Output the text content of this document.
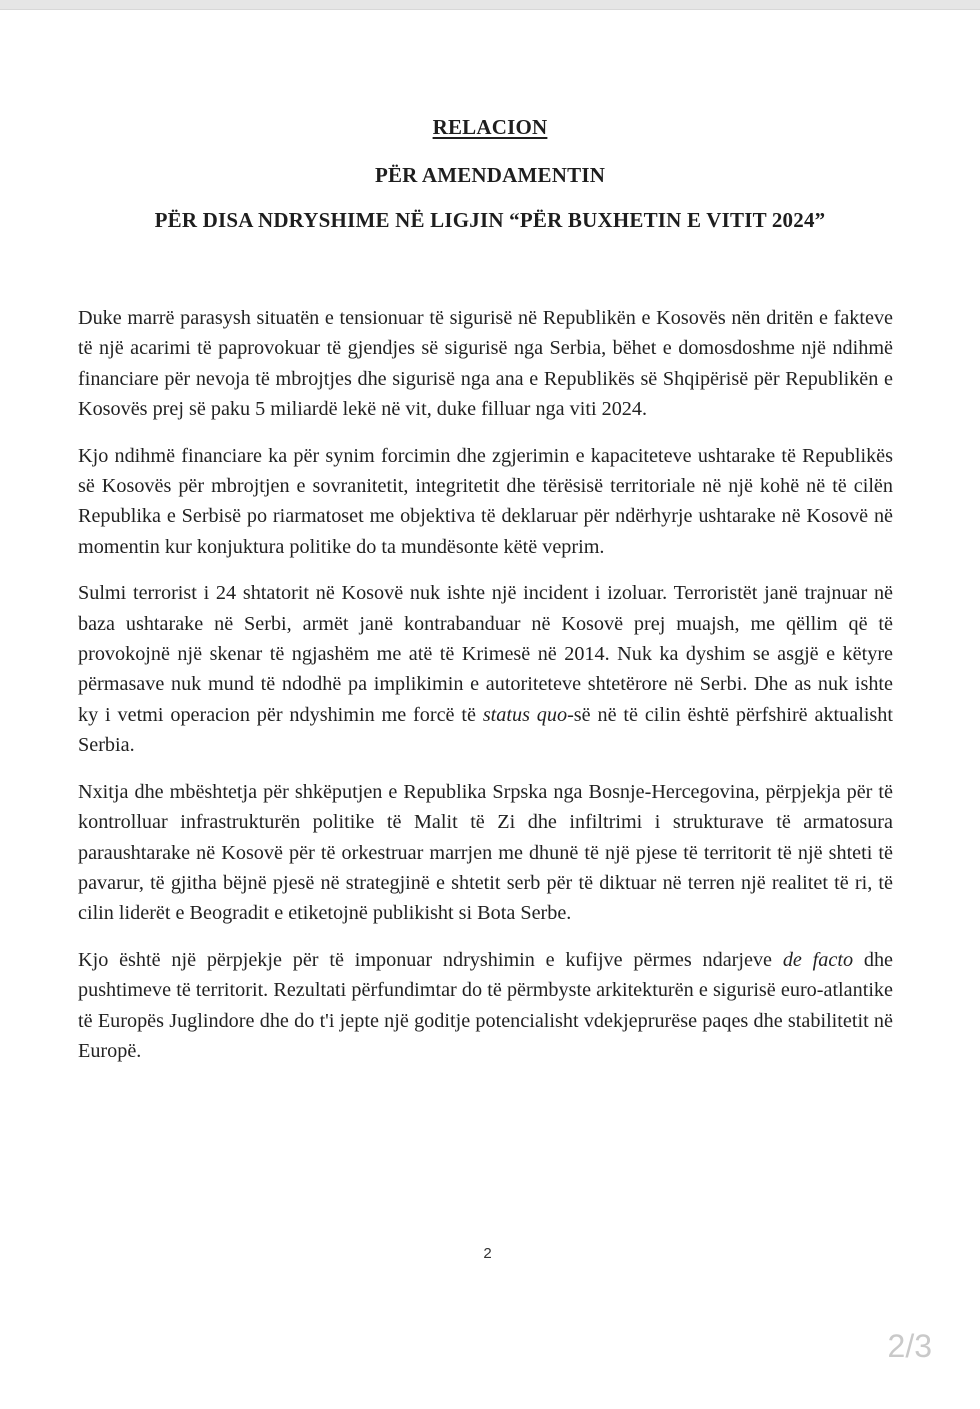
RELACION
PËR AMENDAMENTIN
PËR DISA NDRYSHIME NË LIGJIN “PËR BUXHETIN E VITIT 2024”

Duke marrë parasysh situatën e tensionuar të sigurisë në Republikën e Kosovës nën dritën e fakteve të një acarimi të paprovokuar të gjendjes së sigurisë nga Serbia, bëhet e domosdoshme një ndihmë financiare për nevoja të mbrojtjes dhe sigurisë nga ana e Republikës së Shqipërisë për Republikën e Kosovës prej së paku 5 miliardë lekë në vit, duke filluar nga viti 2024.

Kjo ndihmë financiare ka për synim forcimin dhe zgjerimin e kapaciteteve ushtarake të Republikës së Kosovës për mbrojtjen e sovranitetit, integritetit dhe tërësisë territoriale në një kohë në të cilën Republika e Serbisë po riarmatoset me objektiva të deklaruar për ndërhyrje ushtarake në Kosovë në momentin kur konjuktura politike do ta mundësonte këtë veprim.

Sulmi terrorist i 24 shtatorit në Kosovë nuk ishte një incident i izoluar. Terroristët janë trajnuar në baza ushtarake në Serbi, armët janë kontrabanduar në Kosovë prej muajsh, me qëllim që të provokojnë një skenar të ngjashëm me atë të Krimesë në 2014. Nuk ka dyshim se asgjë e këtyre përmasave nuk mund të ndodhë pa implikimin e autoriteteve shtetërore në Serbi. Dhe as nuk ishte ky i vetmi operacion për ndyshimin me forcë të status quo-së në të cilin është përfshirë aktualisht Serbia.

Nxitja dhe mbështetja për shkëputjen e Republika Srpska nga Bosnje-Hercegovina, përpjekja për të kontrolluar infrastrukturën politike të Malit të Zi dhe infiltrimi i strukturave të armatosura paraushtarake në Kosovë për të orkestruar marrjen me dhunë të një pjese të territorit të një shteti të pavarur, të gjitha bëjnë pjesë në strategjinë e shtetit serb për të diktuar në terren një realitet të ri, të cilin liderët e Beogradit e etiketojnë publikisht si Bota Serbe.

Kjo është një përpjekje për të imponuar ndryshimin e kufijve përmes ndarjeve de facto dhe pushtimeve të territorit. Rezultati përfundimtar do të përmbyste arkitekturën e sigurisë euro-atlantike të Europës Juglindore dhe do t'i jepte një goditje potencialisht vdekjeprurëse paqes dhe stabilitetit në Europë.

2
2/3
